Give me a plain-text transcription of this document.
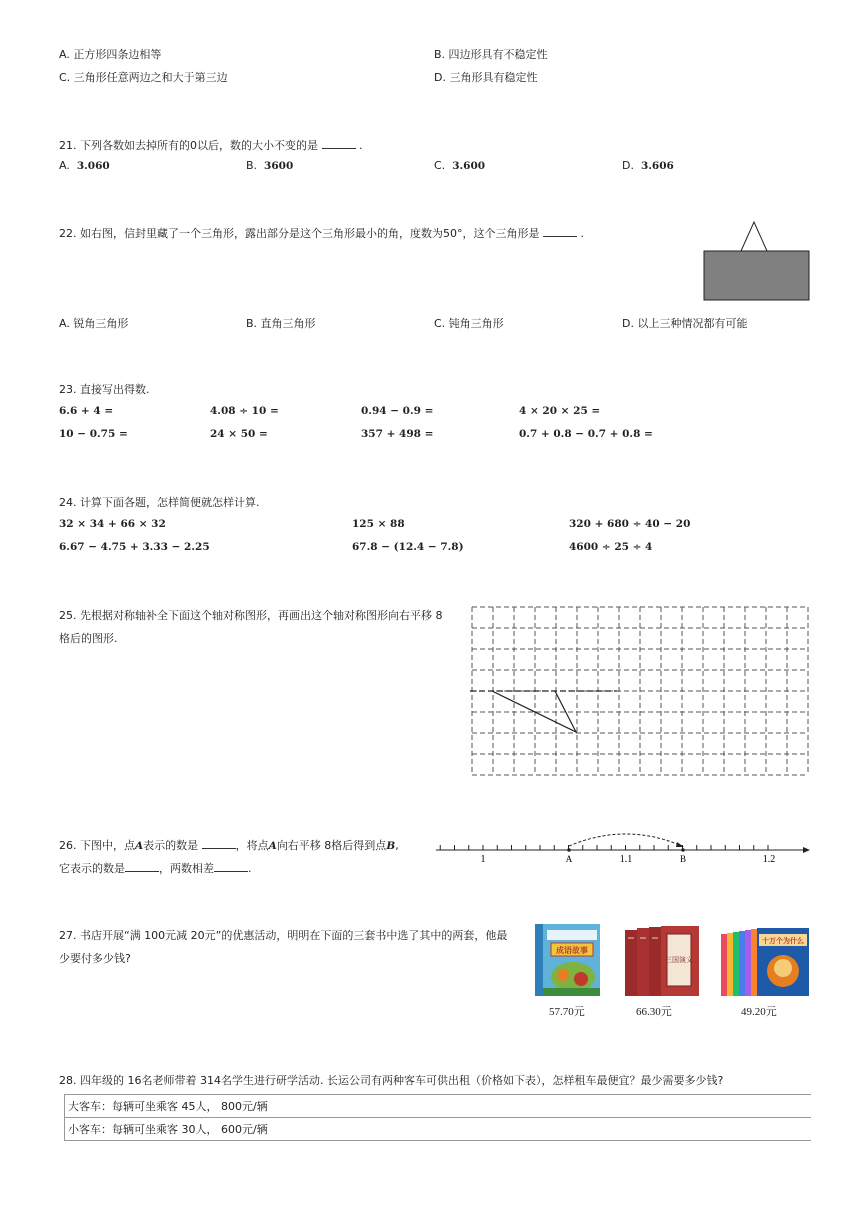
A. 正方形四条边相等	B. 四边形具有不稳定性
C. 三角形任意两边之和大于第三边	D. 三角形具有稳定性
21. 下列各数如去掉所有的0以后，数的大小不变的是	.
A. 3.060	B. 3600	C. 3.600	D. 3.606
22. 如右图，信封里藏了一个三角形，露出部分是这个三角形最小的角，度数为50°，这个三角形是	.
A. 锐角三角形	B. 直角三角形	C. 钝角三角形	D. 以上三种情况都有可能
23. 直接写出得数.
6.6 + 4 =	4.08 ÷ 10 =	0.94 − 0.9 =	4 × 20 × 25 =
10 − 0.75 =	24 × 50 =	357 + 498 =	0.7 + 0.8 − 0.7 + 0.8 =
24. 计算下面各题，怎样简便就怎样计算.
32 × 34 + 66 × 32	125 × 88	320 + 680 ÷ 40 − 20
6.67 − 4.75 + 3.33 − 2.25	67.8 − (12.4 − 7.8)	4600 ÷ 25 ÷ 4
25. 先根据对称轴补全下面这个轴对称图形，再画出这个轴对称图形向右平移 8
格后的图形.
26. 下图中，点A表示的数是	，将点A向右平移 8格后得到点B,
它表示的数是	，两数相差	.
1	A	1.1	B	1.2
27. 书店开展“满 100元减 20元”的优惠活动，明明在下面的三套书中选了其中的两套，他最
少要付多少钱?
成语故事
57.70元
三国演义
66.30元
十万个为什么
49.20元
28. 四年级的 16名老师带着 314名学生进行研学活动. 长运公司有两种客车可供出租（价格如下表），怎样租车最便宜？最少需要多少钱?
大客车：每辆可坐乘客 45人， 800元/辆
小客车：每辆可坐乘客 30人， 600元/辆
